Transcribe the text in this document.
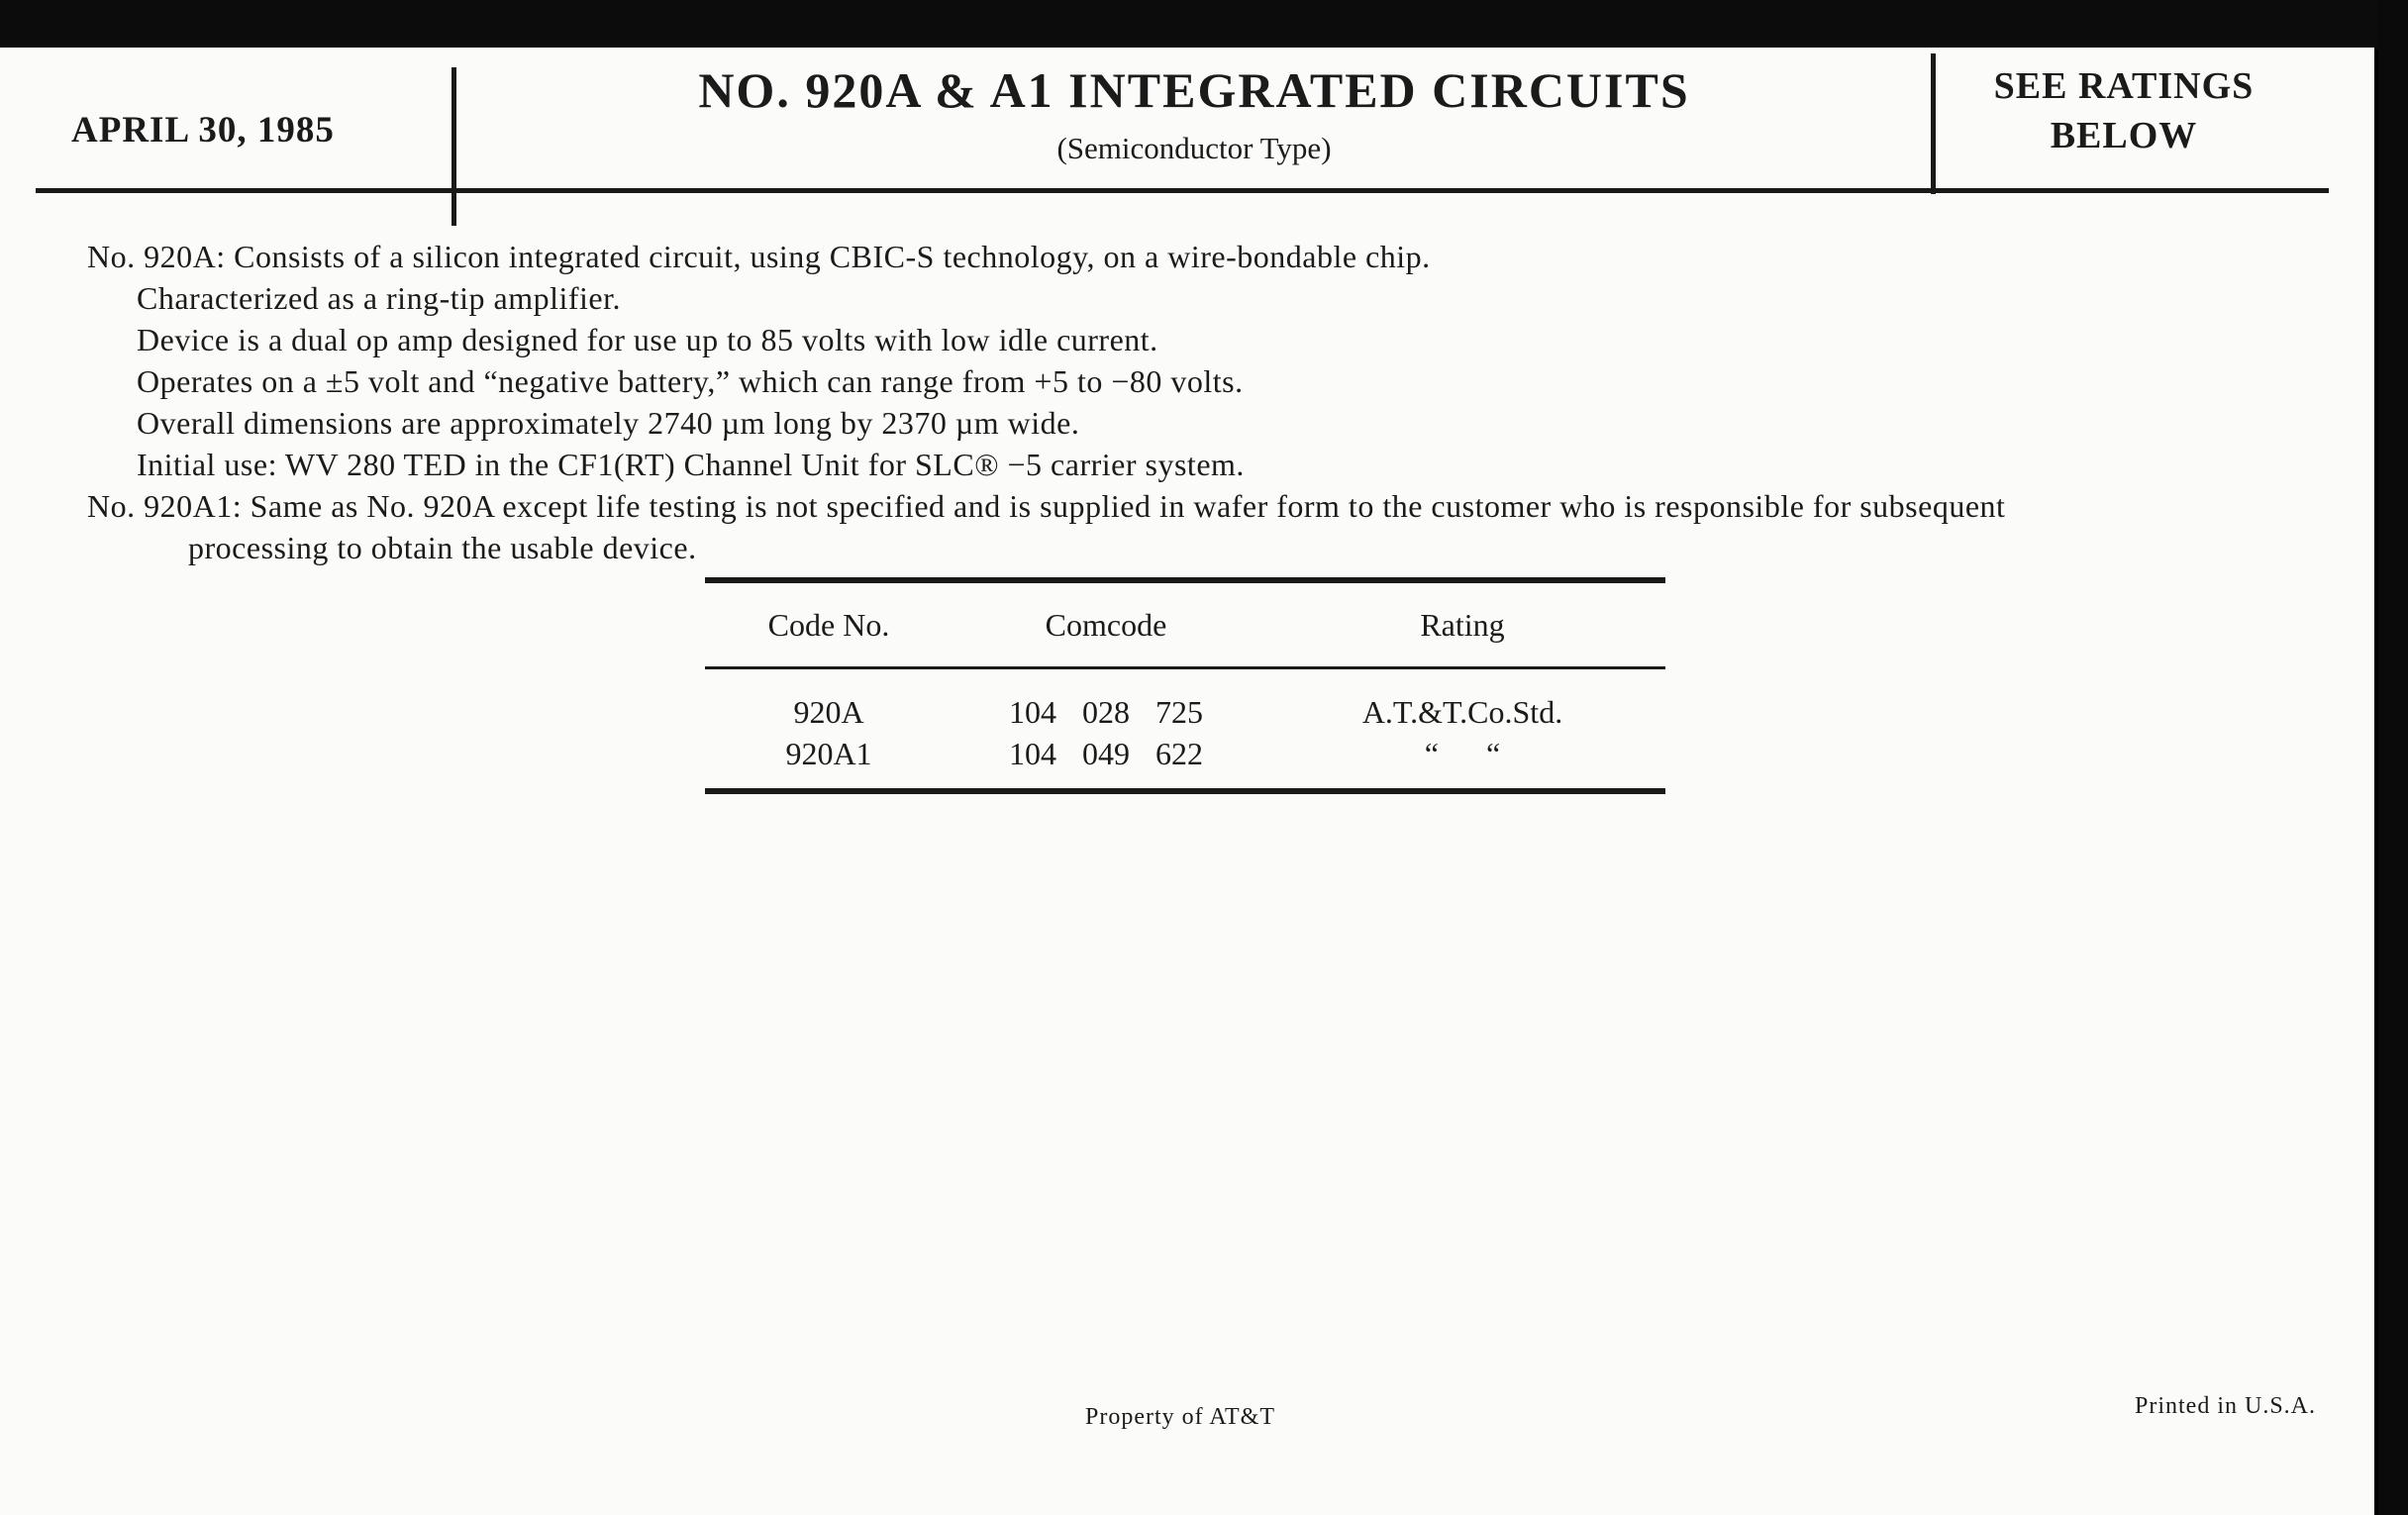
APRIL 30, 1985
NO. 920A & A1 INTEGRATED CIRCUITS
(Semiconductor Type)
SEE RATINGS
BELOW

No. 920A: Consists of a silicon integrated circuit, using CBIC-S technology, on a wire-bondable chip.

Characterized as a ring-tip amplifier.

Device is a dual op amp designed for use up to 85 volts with low idle current.

Operates on a ±5 volt and “negative battery,” which can range from +5 to −80 volts.

Overall dimensions are approximately 2740 µm long by 2370 µm wide.

Initial use: WV 280 TED in the CF1(RT) Channel Unit for SLC® −5 carrier system.

No. 920A1: Same as No. 920A except life testing is not specified and is supplied in wafer form to the customer who is responsible for subsequent

processing to obtain the usable device.

Code No.	Comcode	Rating
920A	104 028 725	A.T.&T.Co.Std.
920A1	104 049 622	“      “
Property of AT&T	Printed in U.S.A.
